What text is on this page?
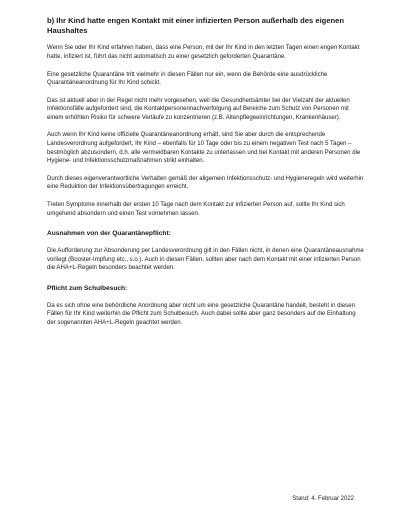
b) Ihr Kind hatte engen Kontakt mit einer infizierten Person außerhalb des eigenen Haushaltes

Wenn Sie oder Ihr Kind erfahren haben, dass eine Person, mit der Ihr Kind in den letzten Tagen einen engen Kontakt hatte, infiziert ist, führt das nicht automatisch zu einer gesetzlich geforderten Quarantäne.

Eine gesetzliche Quarantäne tritt vielmehr in diesen Fällen nur ein, wenn die Behörde eine ausdrückliche Quarantäneanordnung für Ihr Kind schickt.

Das ist aktuell aber in der Regel nicht mehr vorgesehen, weil die Gesundheitsämter bei der Vielzahl der aktuellen Infektionsfälle aufgefordert sind, die Kontaktpersonennachverfolgung auf Bereiche zum Schutz von Personen mit einem erhöhten Risiko für schwere Verläufe zu konzentrieren (z.B. Altenpflegeeinrichtungen, Krankenhäuser).

Auch wenn Ihr Kind keine offizielle Quarantäneanordnung erhält, sind Sie aber durch die entsprechende Landesverordnung aufgefordert, Ihr Kind – ebenfalls für 10 Tage oder bis zu einem negativen Test nach 5 Tagen – bestmöglich abzusondern, d.h. alle vermeidbaren Kontakte zu unterlassen und bei Kontakt mit anderen Personen die Hygiene- und Infektionsschutzmaßnahmen strikt einhalten.

Durch dieses eigenverantwortliche Verhalten gemäß der allgemein Infektionsschutz- und Hygieneregeln wird weiterhin eine Reduktion der Infektionsübertragungen erreicht.

Treten Symptome innerhalb der ersten 10 Tage nach dem Kontakt zur infizierten Person auf, sollte Ihr Kind sich umgehend absondern und einen Test vornehmen lassen.

Ausnahmen von der Quarantänepflicht:

Die Aufforderung zur Absonderung per Landesverordnung gilt in den Fällen nicht, in denen eine Quarantäneausnahme vorliegt (Booster-Impfung etc., s.o.). Auch in diesen Fällen, sollten aber nach dem Kontakt mit einer infizierten Person die AHA+L-Regeln besonders beachtet werden.

Pflicht zum Schulbesuch:

Da es sich ohne eine behördliche Anordnung aber nicht um eine gesetzliche Quarantäne handelt, besteht in diesen Fällen für Ihr Kind weiterhin die Pflicht zum Schulbesuch. Auch dabei sollte aber ganz besonders auf die Einhaltung der sogenannten AHA+L-Regeln geachtet werden.

Stand: 4. Februar 2022
